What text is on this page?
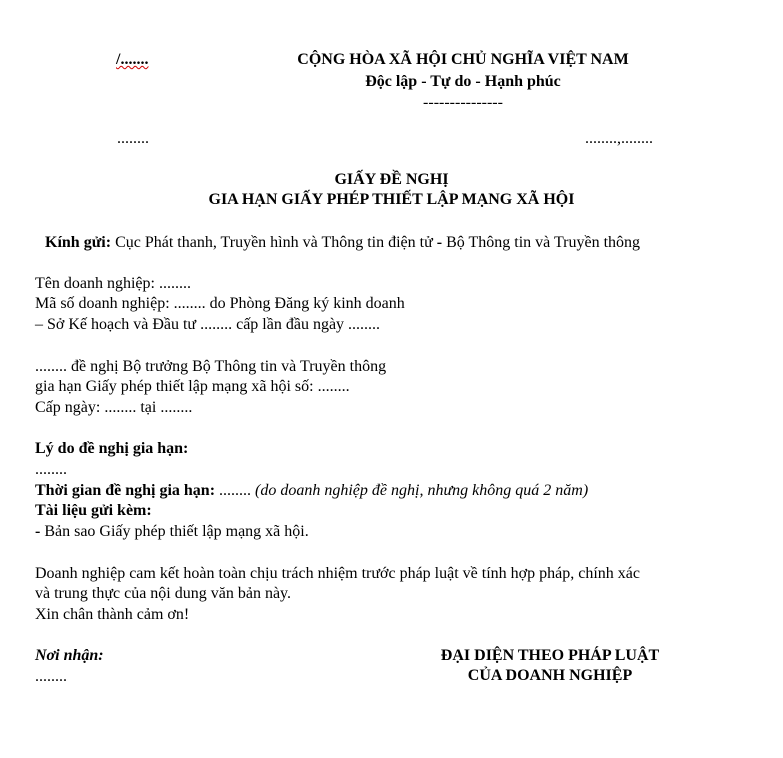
/.......	CỘNG HÒA XÃ HỘI CHỦ NGHĨA VIỆT NAM
Độc lập - Tự do - Hạnh phúc
---------------
........	........,........
GIẤY ĐỀ NGHỊ
GIA HẠN GIẤY PHÉP THIẾT LẬP MẠNG XÃ HỘI
Kính gửi: Cục Phát thanh, Truyền hình và Thông tin điện tử - Bộ Thông tin và Truyền thông
Tên doanh nghiệp: ........
Mã số doanh nghiệp: ........ do Phòng Đăng ký kinh doanh
– Sở Kế hoạch và Đầu tư ........ cấp lần đầu ngày ........
........ đề nghị Bộ trưởng Bộ Thông tin và Truyền thông
gia hạn Giấy phép thiết lập mạng xã hội số: ........
Cấp ngày: ........ tại ........
Lý do đề nghị gia hạn:
........
Thời gian đề nghị gia hạn: ........ (do doanh nghiệp đề nghị, nhưng không quá 2 năm)
Tài liệu gửi kèm:
- Bản sao Giấy phép thiết lập mạng xã hội.
Doanh nghiệp cam kết hoàn toàn chịu trách nhiệm trước pháp luật về tính hợp pháp, chính xác
và trung thực của nội dung văn bản này.
Xin chân thành cảm ơn!
Nơi nhận:
........
ĐẠI DIỆN THEO PHÁP LUẬT
CỦA DOANH NGHIỆP
